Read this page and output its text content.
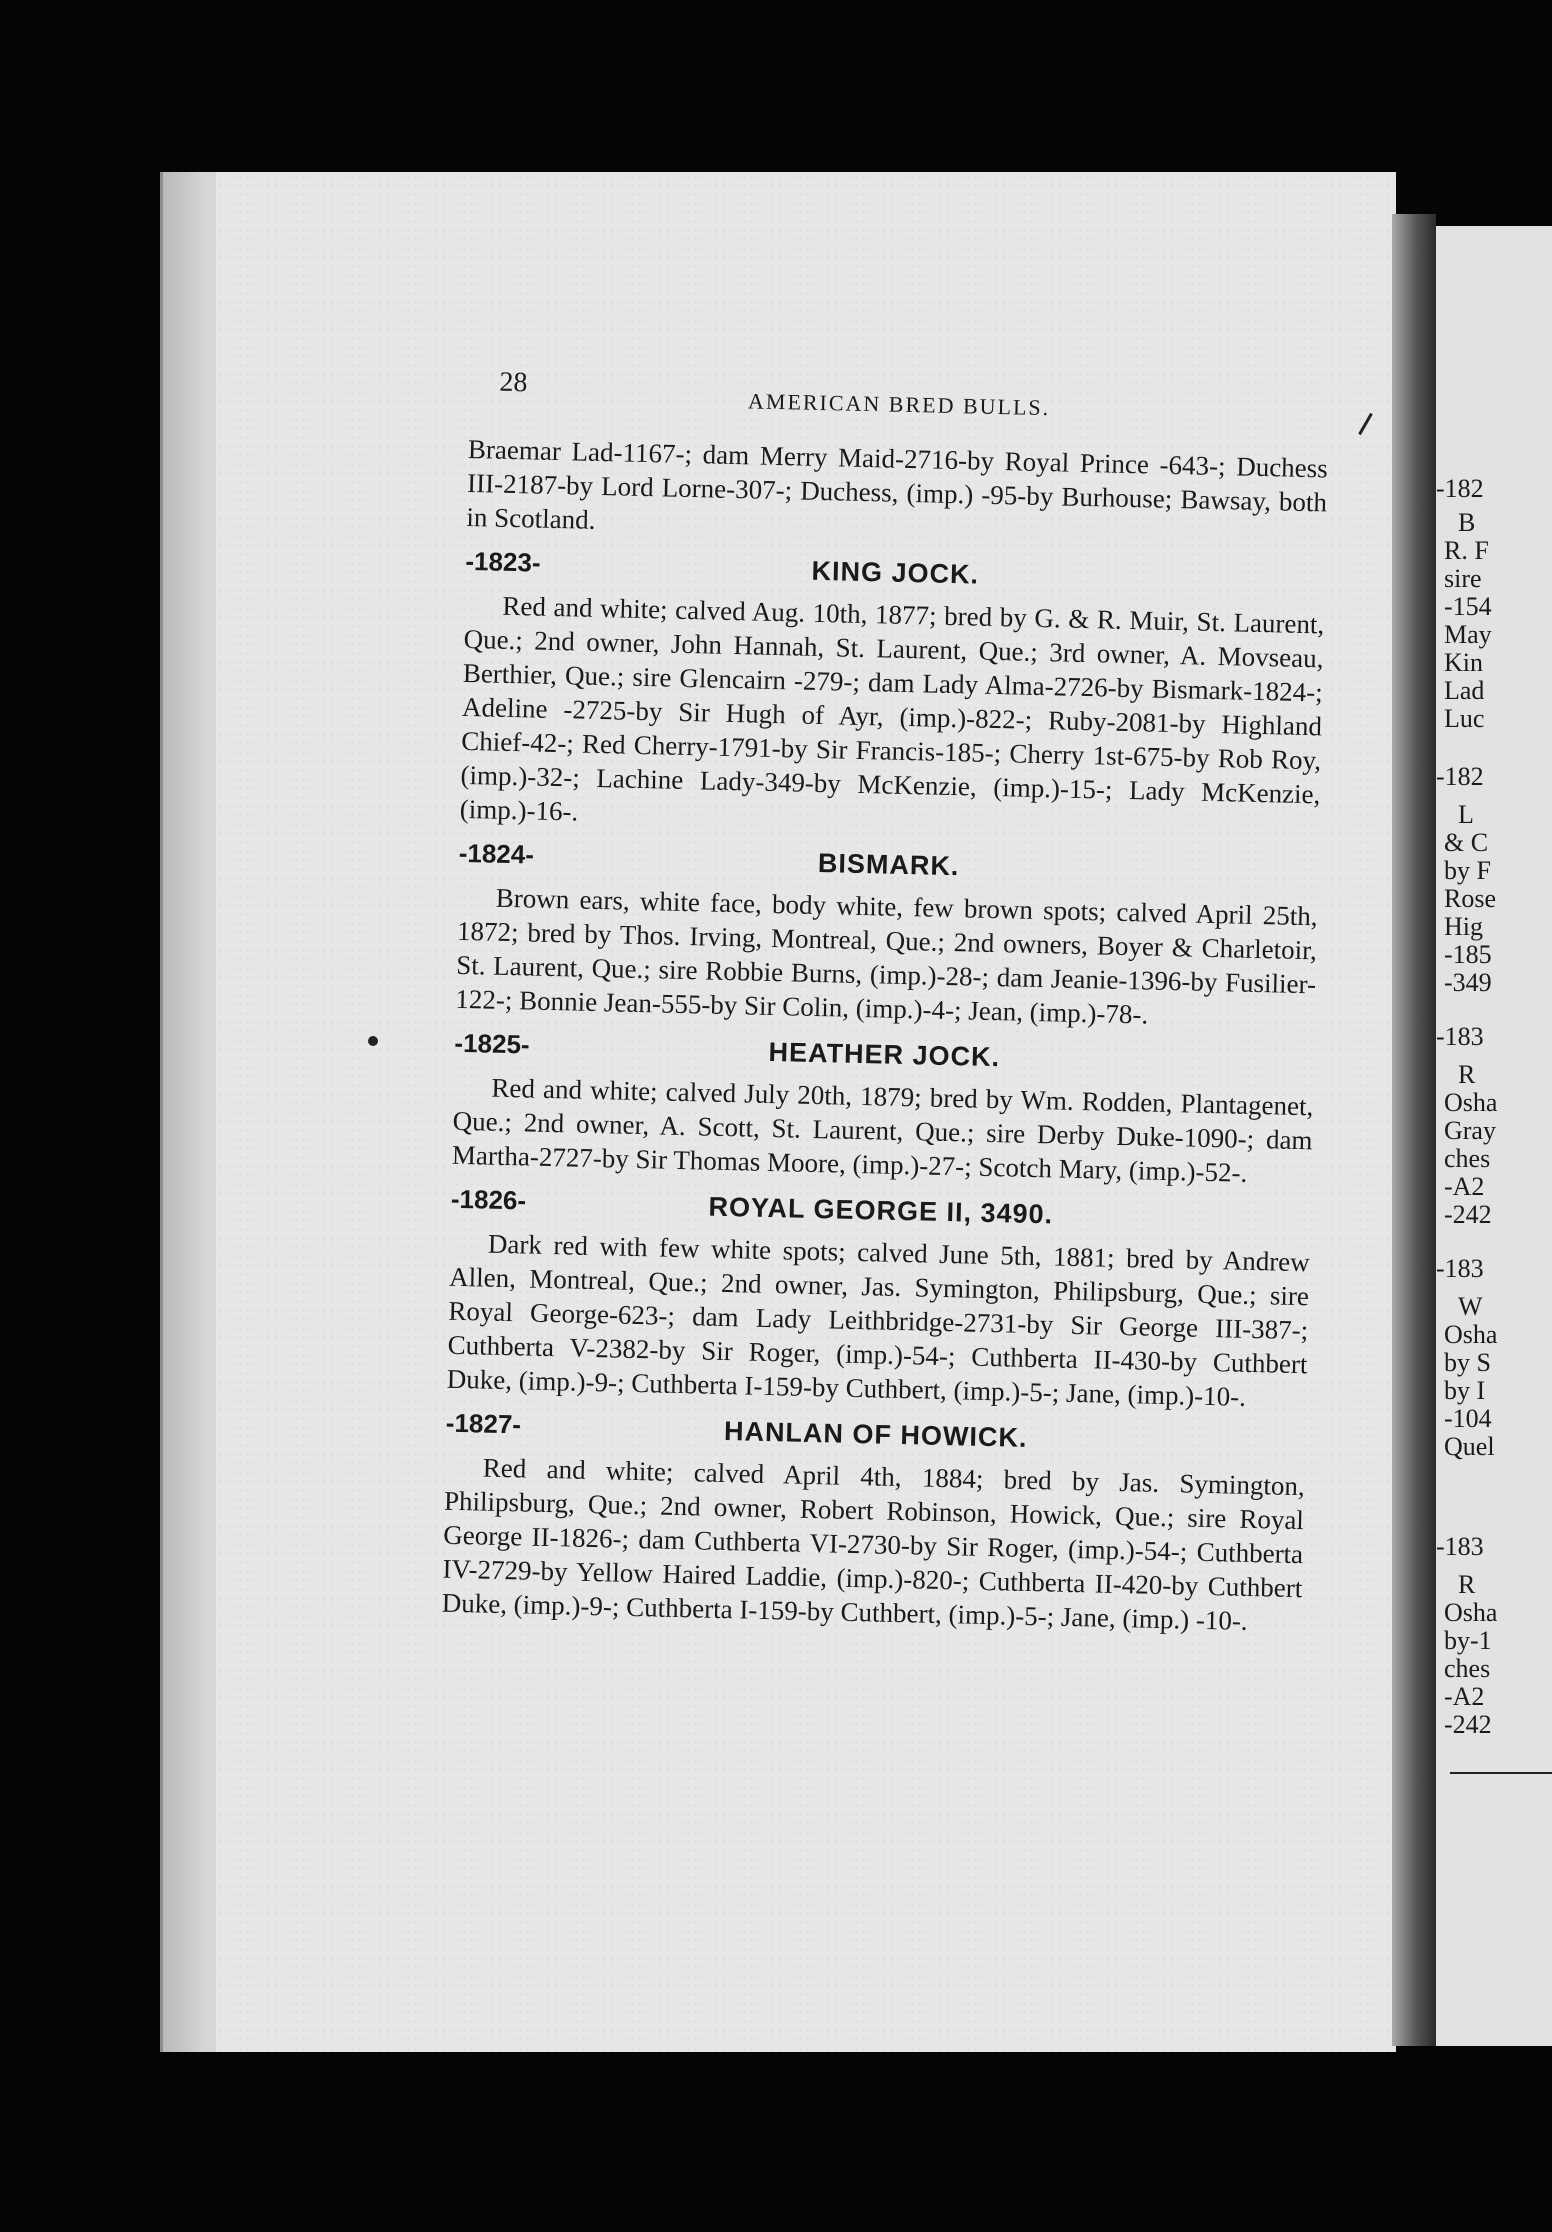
-182
B
R. F
sire
-154
May
Kin
Lad
Luc
-182
L
& C
by F
Rose
Hig
-185
-349
-183
R
Osha
Gray
ches
-A2
-242
-183
W
Osha
by S
by I
-104
Quel
-183
R
Osha
by-1
ches
-A2
-242
28
AMERICAN BRED BULLS.

Braemar Lad-1167-; dam Merry Maid-2716-by Royal Prince -643-; Duchess III-2187-by Lord Lorne-307-; Duchess, (imp.) -95-by Burhouse; Bawsay, both in Scotland.

-1823-	KING JOCK.

Red and white; calved Aug. 10th, 1877; bred by G. & R. Muir, St. Laurent, Que.; 2nd owner, John Hannah, St. Laurent, Que.; 3rd owner, A. Movseau, Berthier, Que.; sire Glencairn -279-; dam Lady Alma-2726-by Bismark-1824-; Adeline -2725-by Sir Hugh of Ayr, (imp.)-822-; Ruby-2081-by Highland Chief-42-; Red Cherry-1791-by Sir Francis-185-; Cherry 1st-675-by Rob Roy, (imp.)-32-; Lachine Lady-349-by McKenzie, (imp.)-15-; Lady McKenzie, (imp.)-16-.

-1824-	BISMARK.

Brown ears, white face, body white, few brown spots; calved April 25th, 1872; bred by Thos. Irving, Montreal, Que.; 2nd owners, Boyer & Charletoir, St. Laurent, Que.; sire Robbie Burns, (imp.)-28-; dam Jeanie-1396-by Fusilier-122-; Bonnie Jean-555-by Sir Colin, (imp.)-4-; Jean, (imp.)-78-.

-1825-	HEATHER JOCK.

Red and white; calved July 20th, 1879; bred by Wm. Rodden, Plantagenet, Que.; 2nd owner, A. Scott, St. Laurent, Que.; sire Derby Duke-1090-; dam Martha-2727-by Sir Thomas Moore, (imp.)-27-; Scotch Mary, (imp.)-52-.

-1826-	ROYAL GEORGE II, 3490.

Dark red with few white spots; calved June 5th, 1881; bred by Andrew Allen, Montreal, Que.; 2nd owner, Jas. Symington, Philipsburg, Que.; sire Royal George-623-; dam Lady Leithbridge-2731-by Sir George III-387-; Cuthberta V-2382-by Sir Roger, (imp.)-54-; Cuthberta II-430-by Cuthbert Duke, (imp.)-9-; Cuthberta I-159-by Cuthbert, (imp.)-5-; Jane, (imp.)-10-.

-1827-	HANLAN OF HOWICK.

Red and white; calved April 4th, 1884; bred by Jas. Symington, Philipsburg, Que.; 2nd owner, Robert Robinson, Howick, Que.; sire Royal George II-1826-; dam Cuthberta VI-2730-by Sir Roger, (imp.)-54-; Cuthberta IV-2729-by Yellow Haired Laddie, (imp.)-820-; Cuthberta II-420-by Cuthbert Duke, (imp.)-9-; Cuthberta I-159-by Cuthbert, (imp.)-5-; Jane, (imp.) -10-.
